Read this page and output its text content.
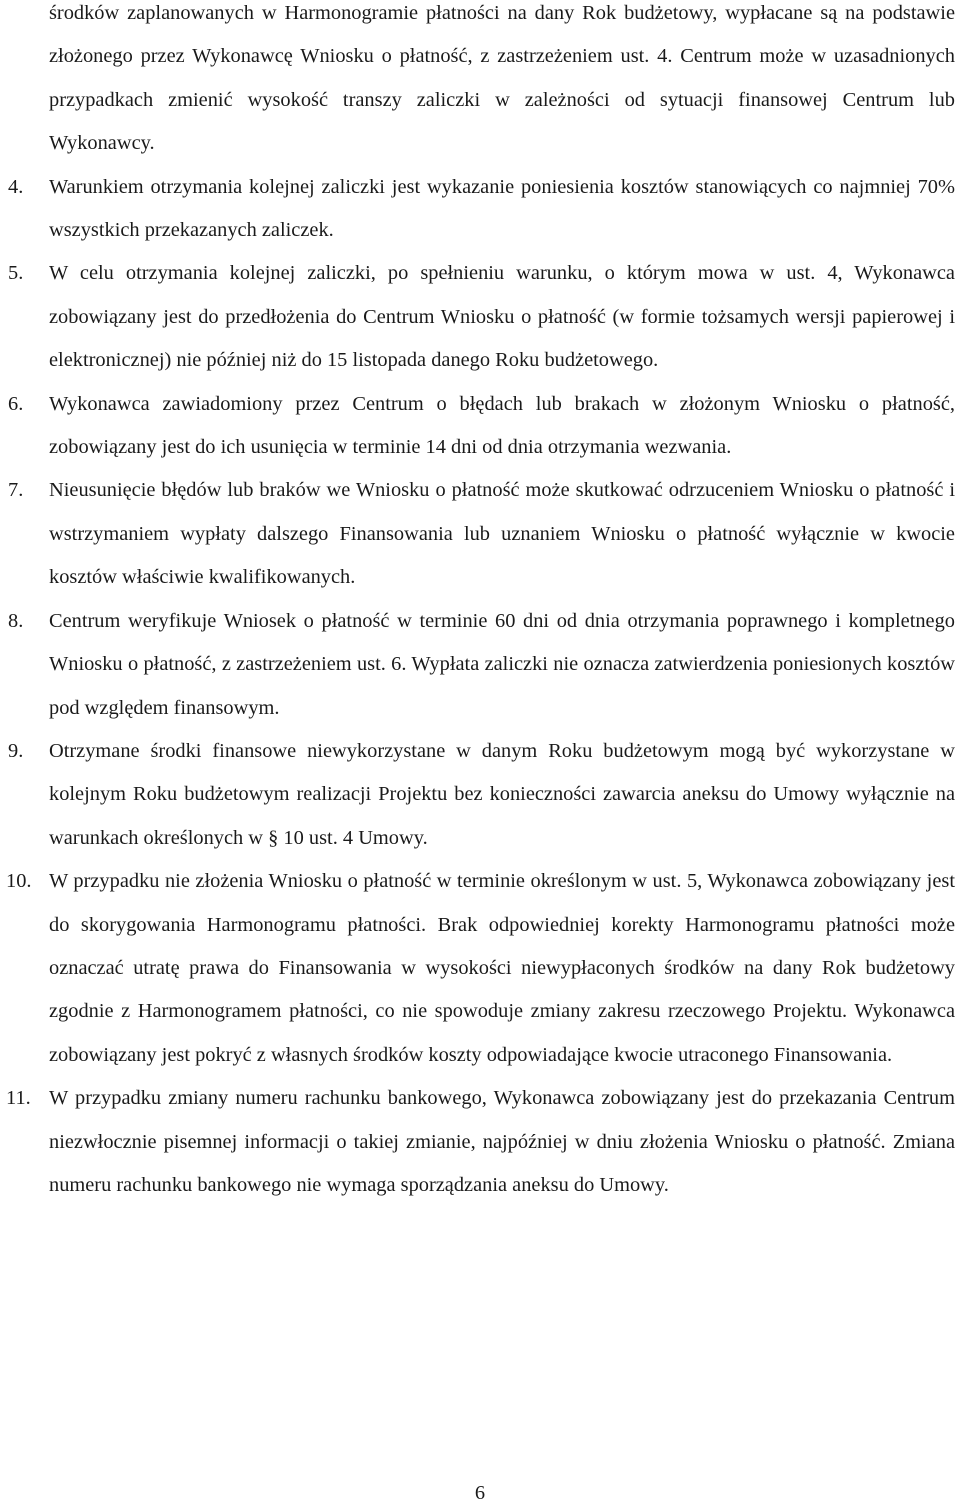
środków zaplanowanych w Harmonogramie płatności na dany Rok budżetowy, wypłacane są na podstawie złożonego przez Wykonawcę Wniosku o płatność, z zastrzeżeniem ust. 4. Centrum może w uzasadnionych przypadkach zmienić wysokość transzy zaliczki w zależności od sytuacji finansowej Centrum lub Wykonawcy.

4.	Warunkiem otrzymania kolejnej zaliczki jest wykazanie poniesienia kosztów stanowiących co najmniej 70% wszystkich przekazanych zaliczek.
5.	W celu otrzymania kolejnej zaliczki, po spełnieniu warunku, o którym mowa w ust. 4, Wykonawca zobowiązany jest do przedłożenia do Centrum Wniosku o płatność (w formie tożsamych wersji papierowej i elektronicznej) nie później niż do 15 listopada danego Roku budżetowego.
6.	Wykonawca zawiadomiony przez Centrum o błędach lub brakach w złożonym Wniosku o płatność, zobowiązany jest do ich usunięcia w terminie 14 dni od dnia otrzymania wezwania.
7.	Nieusunięcie błędów lub braków we Wniosku o płatność może skutkować odrzuceniem Wniosku o płatność i wstrzymaniem wypłaty dalszego Finansowania lub uznaniem Wniosku o płatność wyłącznie w kwocie kosztów właściwie kwalifikowanych.
8.	Centrum weryfikuje Wniosek o płatność w terminie 60 dni od dnia otrzymania poprawnego i kompletnego Wniosku o płatność, z zastrzeżeniem ust. 6. Wypłata zaliczki nie oznacza zatwierdzenia poniesionych kosztów pod względem finansowym.
9.	Otrzymane środki finansowe niewykorzystane w danym Roku budżetowym mogą być wykorzystane w kolejnym Roku budżetowym realizacji Projektu bez konieczności zawarcia aneksu do Umowy wyłącznie na warunkach określonych w § 10 ust. 4 Umowy.
10. W przypadku nie złożenia Wniosku o płatność w terminie określonym w ust. 5, Wykonawca zobowiązany jest do skorygowania Harmonogramu płatności. Brak odpowiedniej korekty Harmonogramu płatności może oznaczać utratę prawa do Finansowania w wysokości niewypłaconych środków na dany Rok budżetowy zgodnie z Harmonogramem płatności, co nie spowoduje zmiany zakresu rzeczowego Projektu. Wykonawca zobowiązany jest pokryć z własnych środków koszty odpowiadające kwocie utraconego Finansowania.
11. W przypadku zmiany numeru rachunku bankowego, Wykonawca zobowiązany jest do przekazania Centrum niezwłocznie pisemnej informacji o takiej zmianie, najpóźniej w dniu złożenia Wniosku o płatność. Zmiana numeru rachunku bankowego nie wymaga sporządzania aneksu do Umowy.
6
